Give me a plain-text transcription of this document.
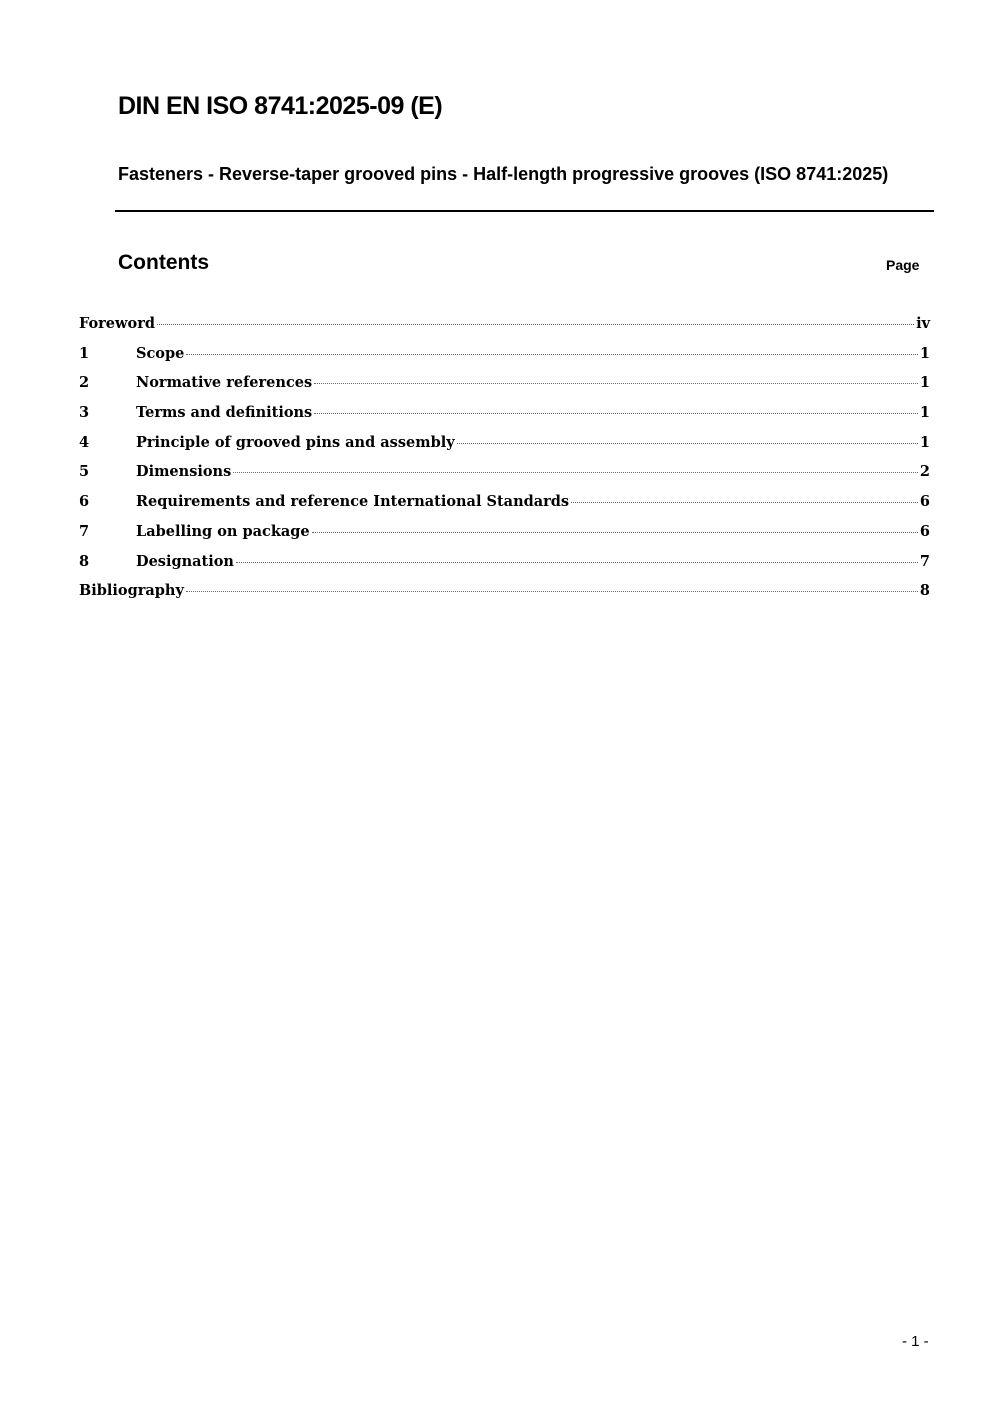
DIN EN ISO 8741:2025-09 (E)
Fasteners - Reverse-taper grooved pins - Half-length progressive grooves (ISO 8741:2025)
Contents	Page
Foreword	iv
1	Scope	1
2	Normative references	1
3	Terms and definitions	1
4	Principle of grooved pins and assembly	1
5	Dimensions	2
6	Requirements and reference International Standards	6
7	Labelling on package	6
8	Designation	7
Bibliography	8
- 1 -
